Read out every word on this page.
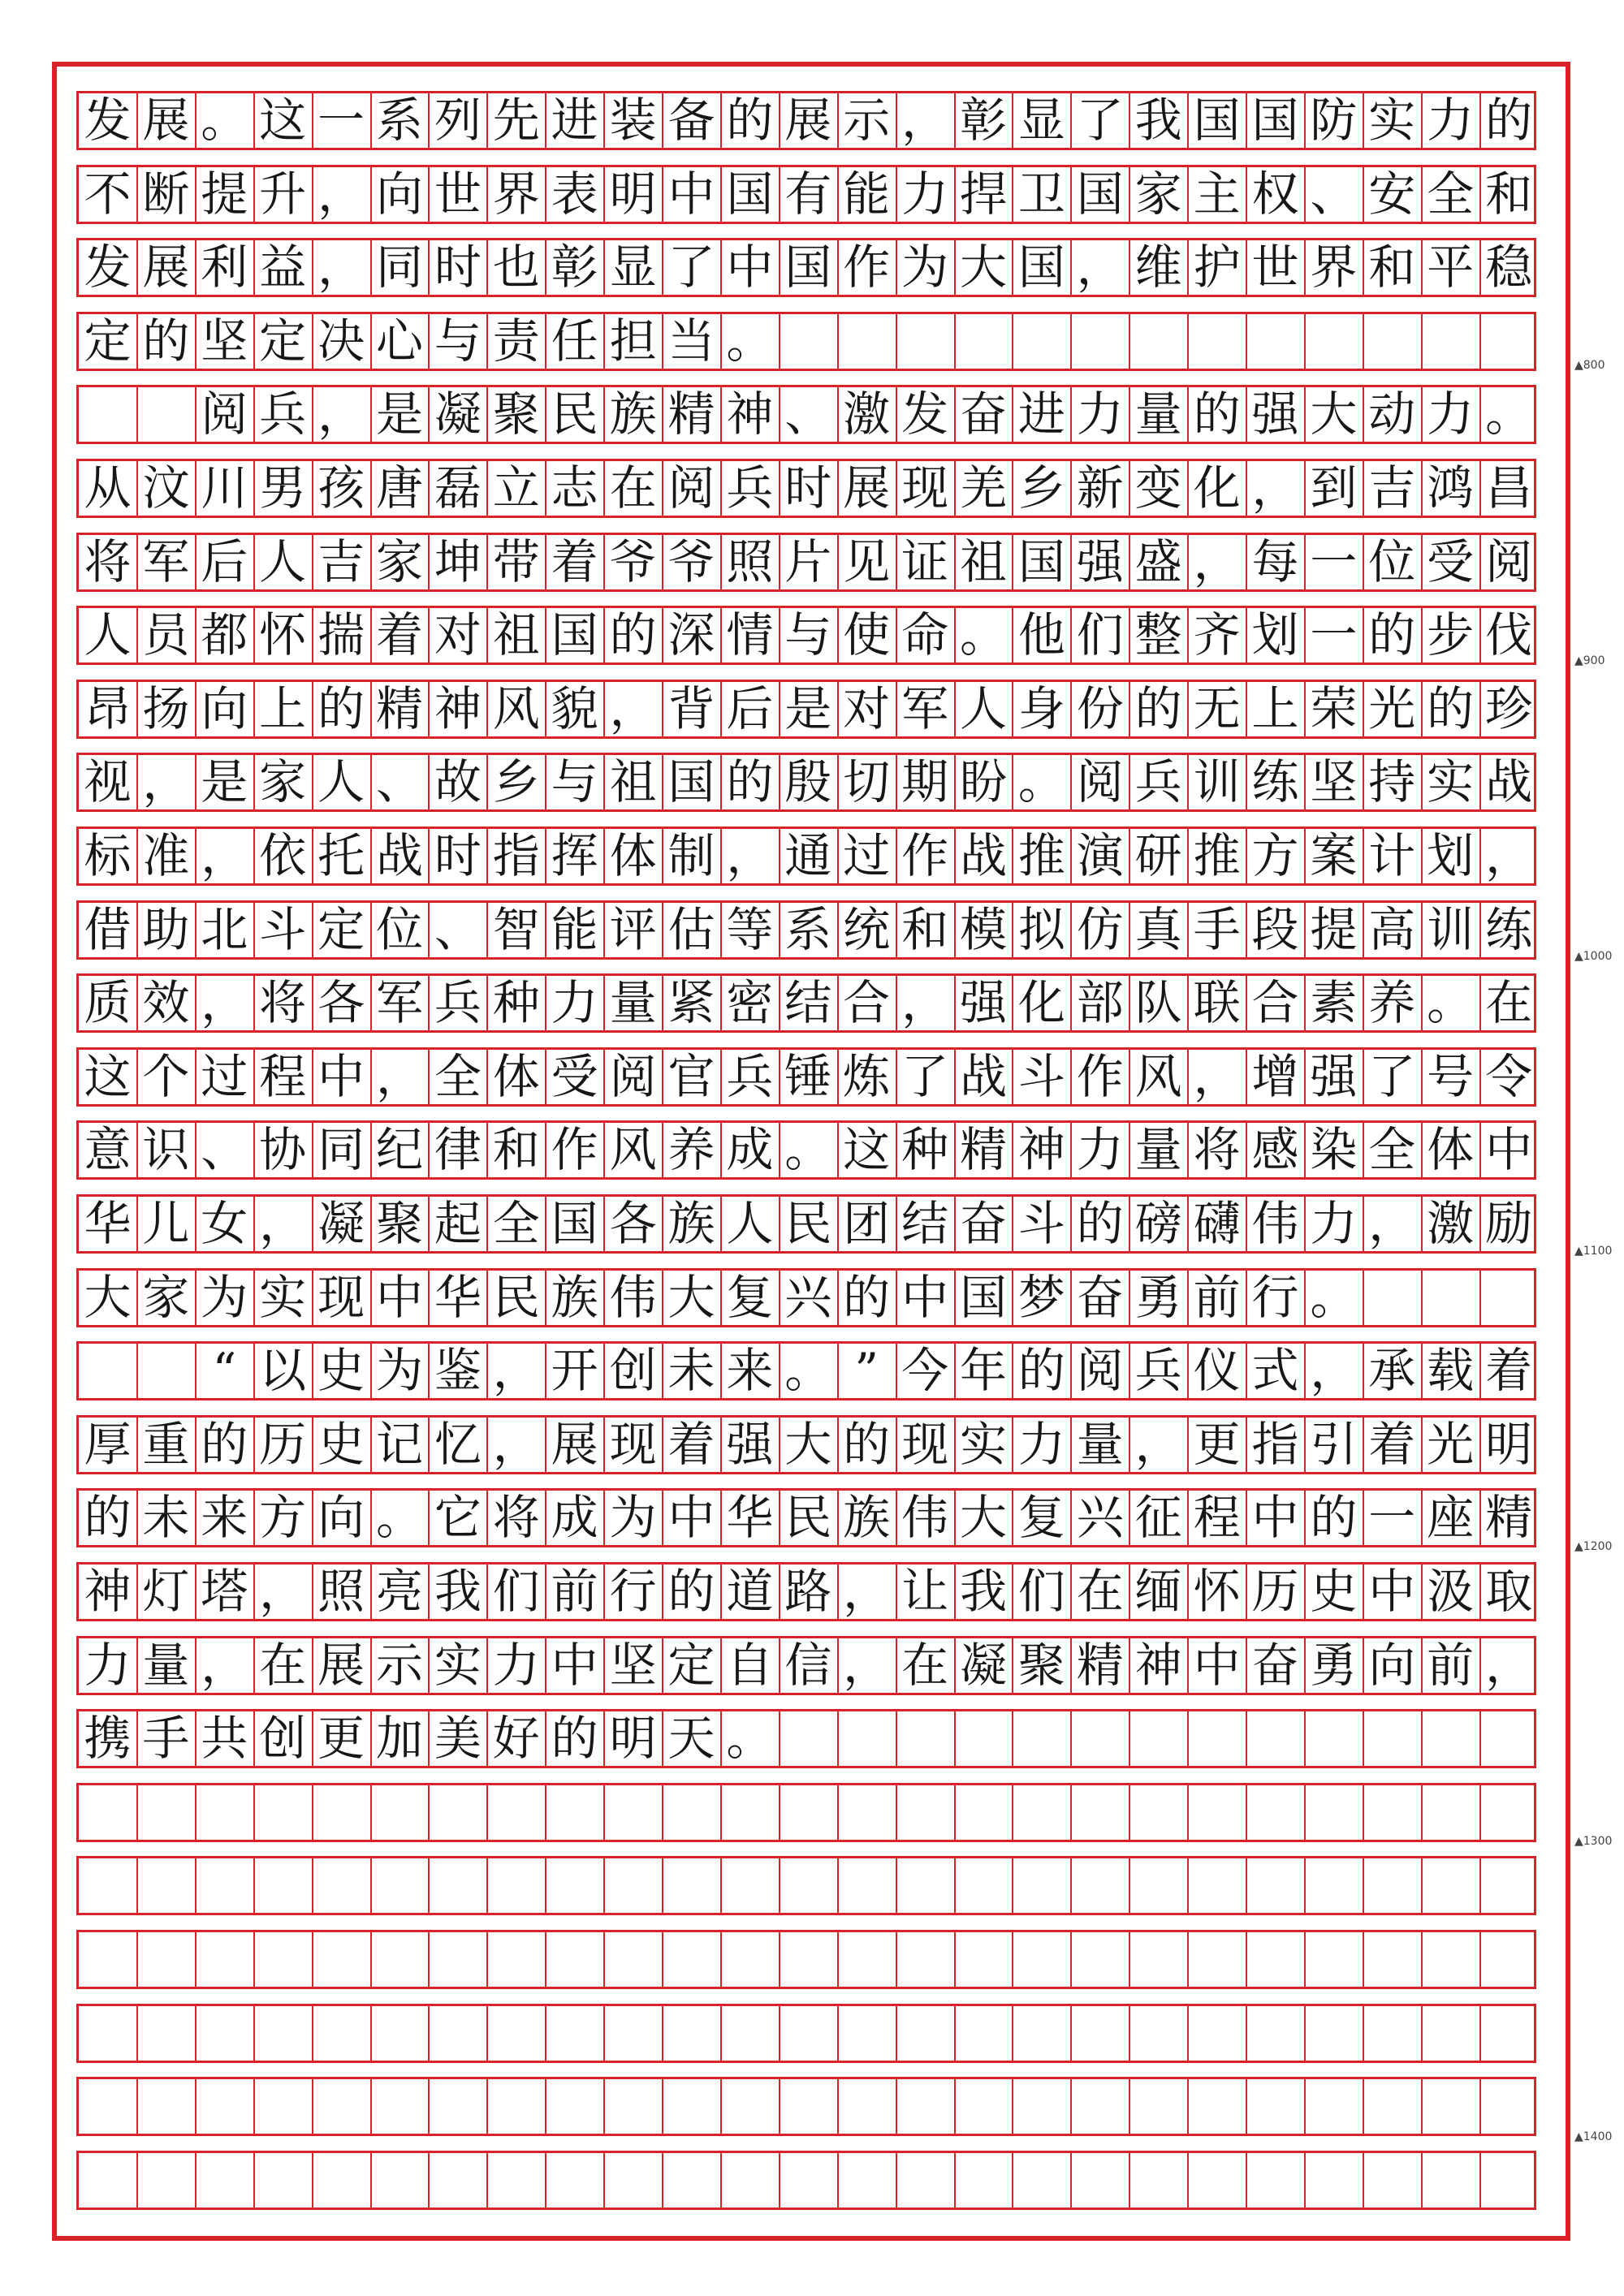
发 展 。 这 一 系 列 先 进 装 备 的 展 示 ， 彰 显 了 我 国 国 防 实 力 的
不 断 提 升 ， 向 世 界 表 明 中 国 有 能 力 捍 卫 国 家 主 权 、 安 全 和
发 展 利 益 ， 同 时 也 彰 显 了 中 国 作 为 大 国 ， 维 护 世 界 和 平 稳
定 的 坚 定 决 心 与 责 任 担 当 。
阅 兵 ， 是 凝 聚 民 族 精 神 、 激 发 奋 进 力 量 的 强 大 动 力 。
从 汶 川 男 孩 唐 磊 立 志 在 阅 兵 时 展 现 羌 乡 新 变 化 ， 到 吉 鸿 昌
将 军 后 人 吉 家 坤 带 着 爷 爷 照 片 见 证 祖 国 强 盛 ， 每 一 位 受 阅
人 员 都 怀 揣 着 对 祖 国 的 深 情 与 使 命 。 他 们 整 齐 划 一 的 步 伐
昂 扬 向 上 的 精 神 风 貌 ， 背 后 是 对 军 人 身 份 的 无 上 荣 光 的 珍
视 ， 是 家 人 、 故 乡 与 祖 国 的 殷 切 期 盼 。 阅 兵 训 练 坚 持 实 战
标 准 ， 依 托 战 时 指 挥 体 制 ， 通 过 作 战 推 演 研 推 方 案 计 划 ，
借 助 北 斗 定 位 、 智 能 评 估 等 系 统 和 模 拟 仿 真 手 段 提 高 训 练
质 效 ， 将 各 军 兵 种 力 量 紧 密 结 合 ， 强 化 部 队 联 合 素 养 。 在
这 个 过 程 中 ， 全 体 受 阅 官 兵 锤 炼 了 战 斗 作 风 ， 增 强 了 号 令
意 识 、 协 同 纪 律 和 作 风 养 成 。 这 种 精 神 力 量 将 感 染 全 体 中
华 儿 女 ， 凝 聚 起 全 国 各 族 人 民 团 结 奋 斗 的 磅 礴 伟 力 ， 激 励
大 家 为 实 现 中 华 民 族 伟 大 复 兴 的 中 国 梦 奋 勇 前 行 。
“ 以 史 为 鉴 ， 开 创 未 来 。 ” 今 年 的 阅 兵 仪 式 ， 承 载 着
厚 重 的 历 史 记 忆 ， 展 现 着 强 大 的 现 实 力 量 ， 更 指 引 着 光 明
的 未 来 方 向 。 它 将 成 为 中 华 民 族 伟 大 复 兴 征 程 中 的 一 座 精
神 灯 塔 ， 照 亮 我 们 前 行 的 道 路 ， 让 我 们 在 缅 怀 历 史 中 汲 取
力 量 ， 在 展 示 实 力 中 坚 定 自 信 ， 在 凝 聚 精 神 中 奋 勇 向 前 ，
携 手 共 创 更 加 美 好 的 明 天 。
▲800
▲900
▲1000
▲1100
▲1200
▲1300
▲1400
